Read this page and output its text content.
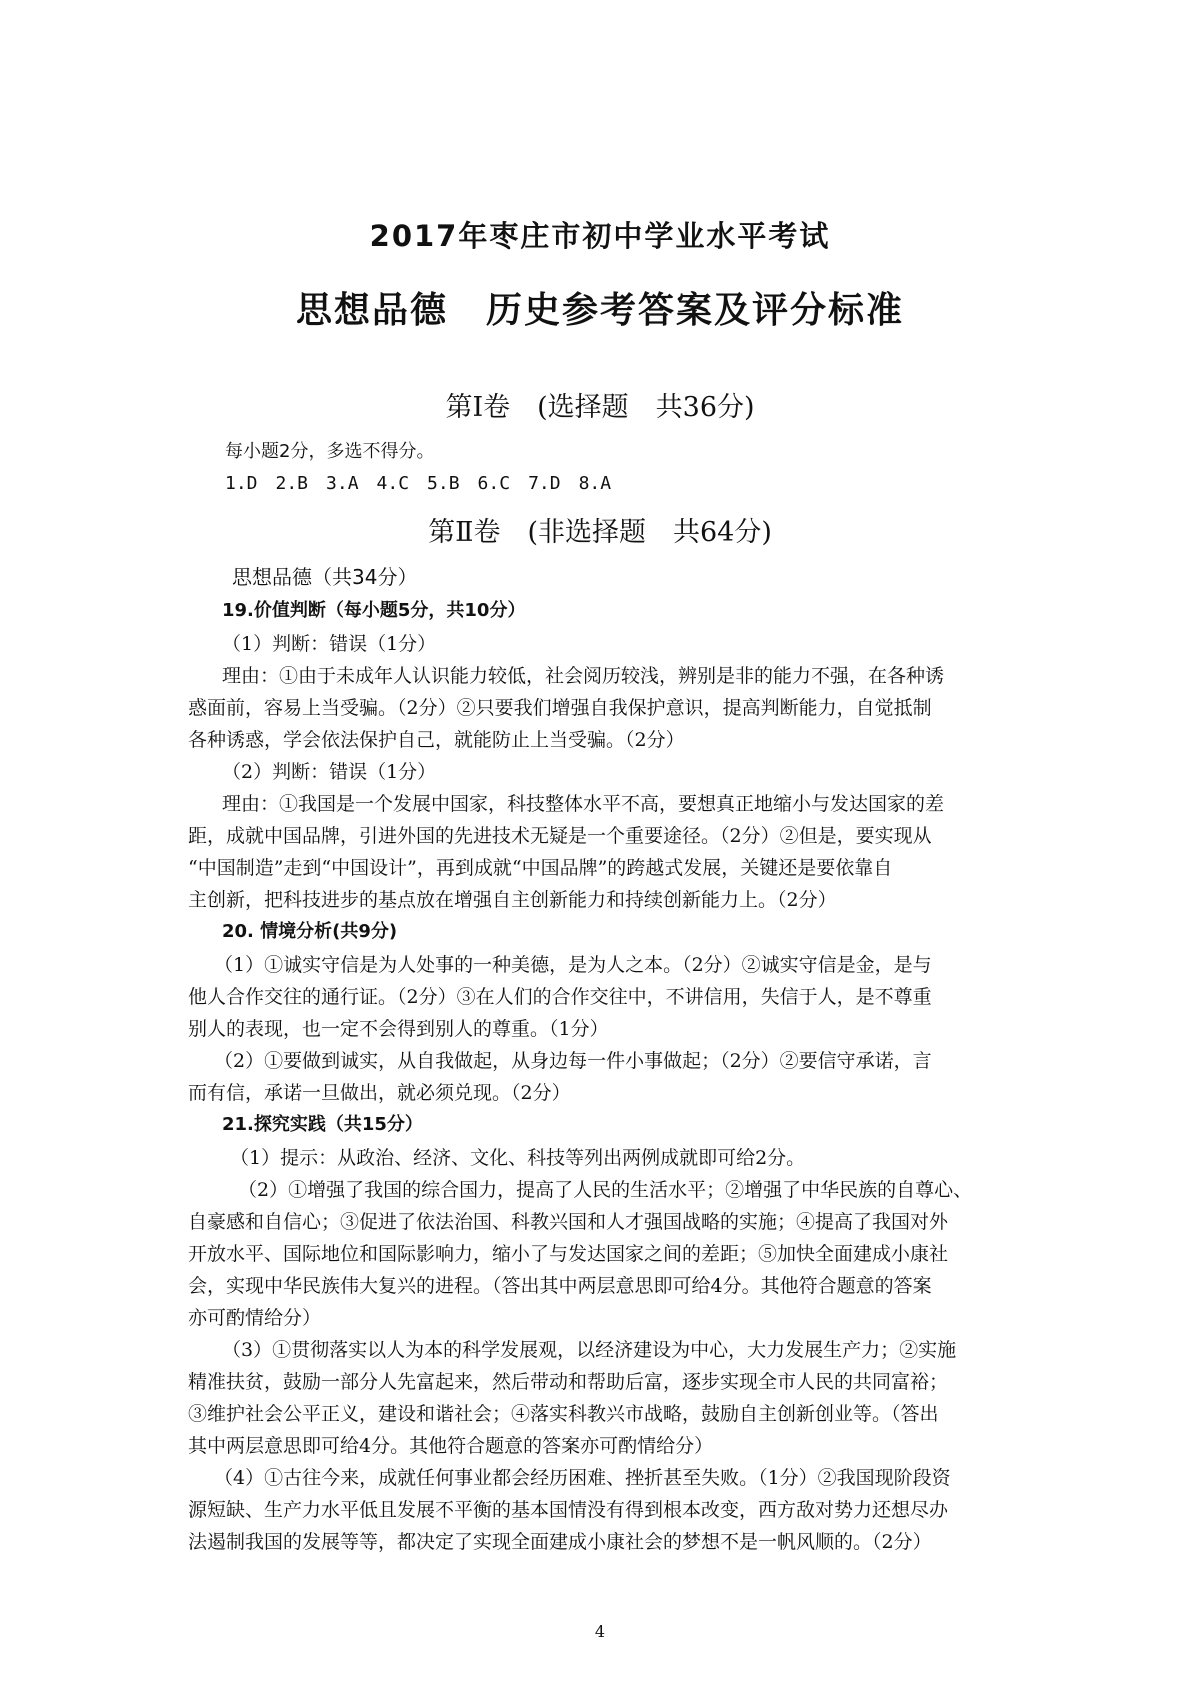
2017年枣庄市初中学业水平考试
思想品德　历史参考答案及评分标准
第Ⅰ卷　(选择题　共36分)
每小题2分，多选不得分。
1.D　2.B　3.A　4.C　5.B　6.C　7.D　8.A
第Ⅱ卷　(非选择题　共64分)
思想品德（共34分）
19.价值判断（每小题5分，共10分）
（1）判断：错误（1分）
理由：①由于未成年人认识能力较低，社会阅历较浅，辨别是非的能力不强，在各种诱
惑面前，容易上当受骗。（2分）②只要我们增强自我保护意识，提高判断能力，自觉抵制
各种诱惑，学会依法保护自己，就能防止上当受骗。（2分）
（2）判断：错误（1分）
理由：①我国是一个发展中国家，科技整体水平不高，要想真正地缩小与发达国家的差
距，成就中国品牌，引进外国的先进技术无疑是一个重要途径。（2分）②但是，要实现从
“中国制造”走到“中国设计”，再到成就“中国品牌”的跨越式发展，关键还是要依靠自
主创新，把科技进步的基点放在增强自主创新能力和持续创新能力上。（2分）
20. 情境分析(共9分)
（1）①诚实守信是为人处事的一种美德，是为人之本。（2分）②诚实守信是金，是与
他人合作交往的通行证。（2分）③在人们的合作交往中，不讲信用，失信于人，是不尊重
别人的表现，也一定不会得到别人的尊重。（1分）
（2）①要做到诚实，从自我做起，从身边每一件小事做起；（2分）②要信守承诺，言
而有信，承诺一旦做出，就必须兑现。（2分）
21.探究实践（共15分）
（1）提示：从政治、经济、文化、科技等列出两例成就即可给2分。
（2）①增强了我国的综合国力，提高了人民的生活水平；②增强了中华民族的自尊心、
自豪感和自信心；③促进了依法治国、科教兴国和人才强国战略的实施；④提高了我国对外
开放水平、国际地位和国际影响力，缩小了与发达国家之间的差距；⑤加快全面建成小康社
会，实现中华民族伟大复兴的进程。（答出其中两层意思即可给4分。其他符合题意的答案
亦可酌情给分）
（3）①贯彻落实以人为本的科学发展观，以经济建设为中心，大力发展生产力；②实施
精准扶贫，鼓励一部分人先富起来，然后带动和帮助后富，逐步实现全市人民的共同富裕；
③维护社会公平正义，建设和谐社会；④落实科教兴市战略，鼓励自主创新创业等。（答出
其中两层意思即可给4分。其他符合题意的答案亦可酌情给分）
（4）①古往今来，成就任何事业都会经历困难、挫折甚至失败。（1分）②我国现阶段资
源短缺、生产力水平低且发展不平衡的基本国情没有得到根本改变，西方敌对势力还想尽办
法遏制我国的发展等等，都决定了实现全面建成小康社会的梦想不是一帆风顺的。（2分）
4
